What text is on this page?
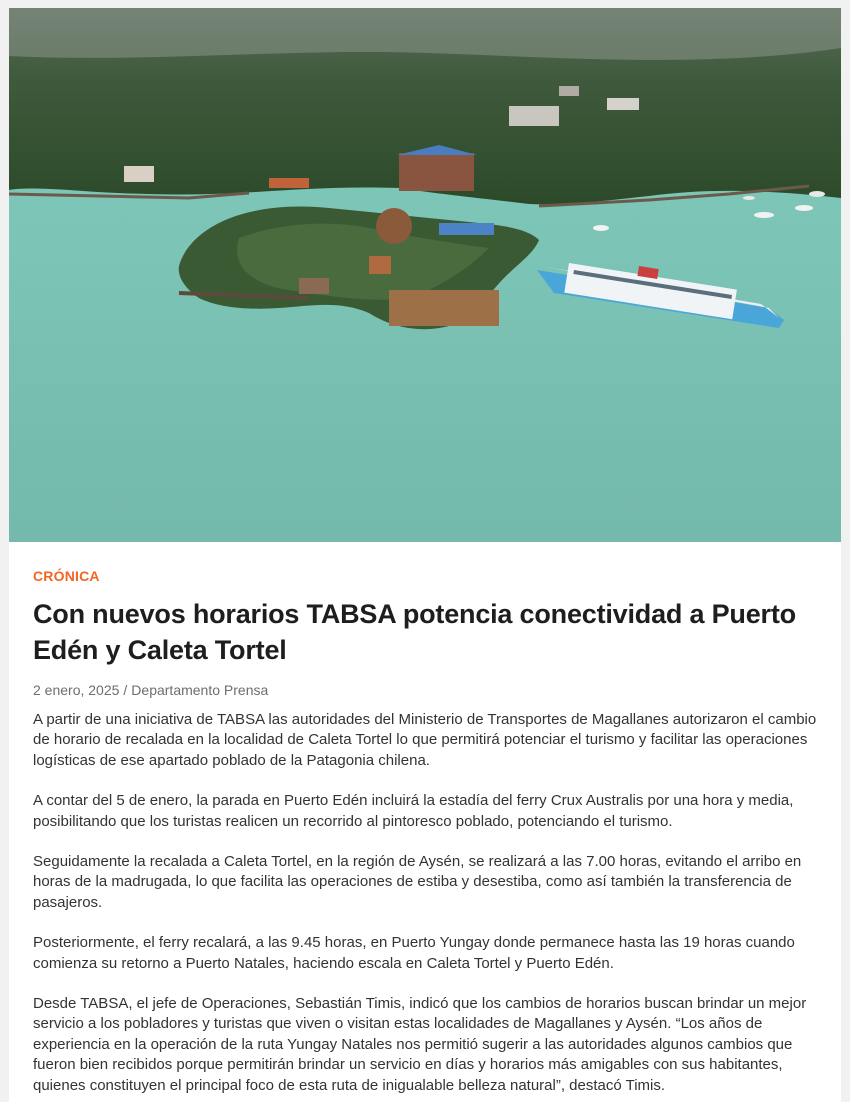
CRÓNICA

Con nuevos horarios TABSA potencia conectividad a Puerto Edén y Caleta Tortel
2 enero, 2025 / Departamento Prensa

A partir de una iniciativa de TABSA las autoridades del Ministerio de Transportes de Magallanes autorizaron el cambio de horario de recalada en la localidad de Caleta Tortel lo que permitirá potenciar el turismo y facilitar las operaciones logísticas de ese apartado poblado de la Patagonia chilena.

A contar del 5 de enero, la parada en Puerto Edén incluirá la estadía del ferry Crux Australis por una hora y media, posibilitando que los turistas realicen un recorrido al pintoresco poblado, potenciando el turismo.

Seguidamente la recalada a Caleta Tortel, en la región de Aysén, se realizará a las 7.00 horas, evitando el arribo en horas de la madrugada, lo que facilita las operaciones de estiba y desestiba, como así también la transferencia de pasajeros.

Posteriormente, el ferry recalará, a las 9.45 horas, en Puerto Yungay donde permanece hasta las 19 horas cuando comienza su retorno a Puerto Natales, haciendo escala en Caleta Tortel y Puerto Edén.

Desde TABSA, el jefe de Operaciones, Sebastián Timis, indicó que los cambios de horarios buscan brindar un mejor servicio a los pobladores y turistas que viven o visitan estas localidades de Magallanes y Aysén. “Los años de experiencia en la operación de la ruta Yungay Natales nos permitió sugerir a las autoridades algunos cambios que fueron bien recibidos porque permitirán brindar un servicio en días y horarios más amigables con sus habitantes, quienes constituyen el principal foco de esta ruta de inigualable belleza natural”, destacó Timis.
